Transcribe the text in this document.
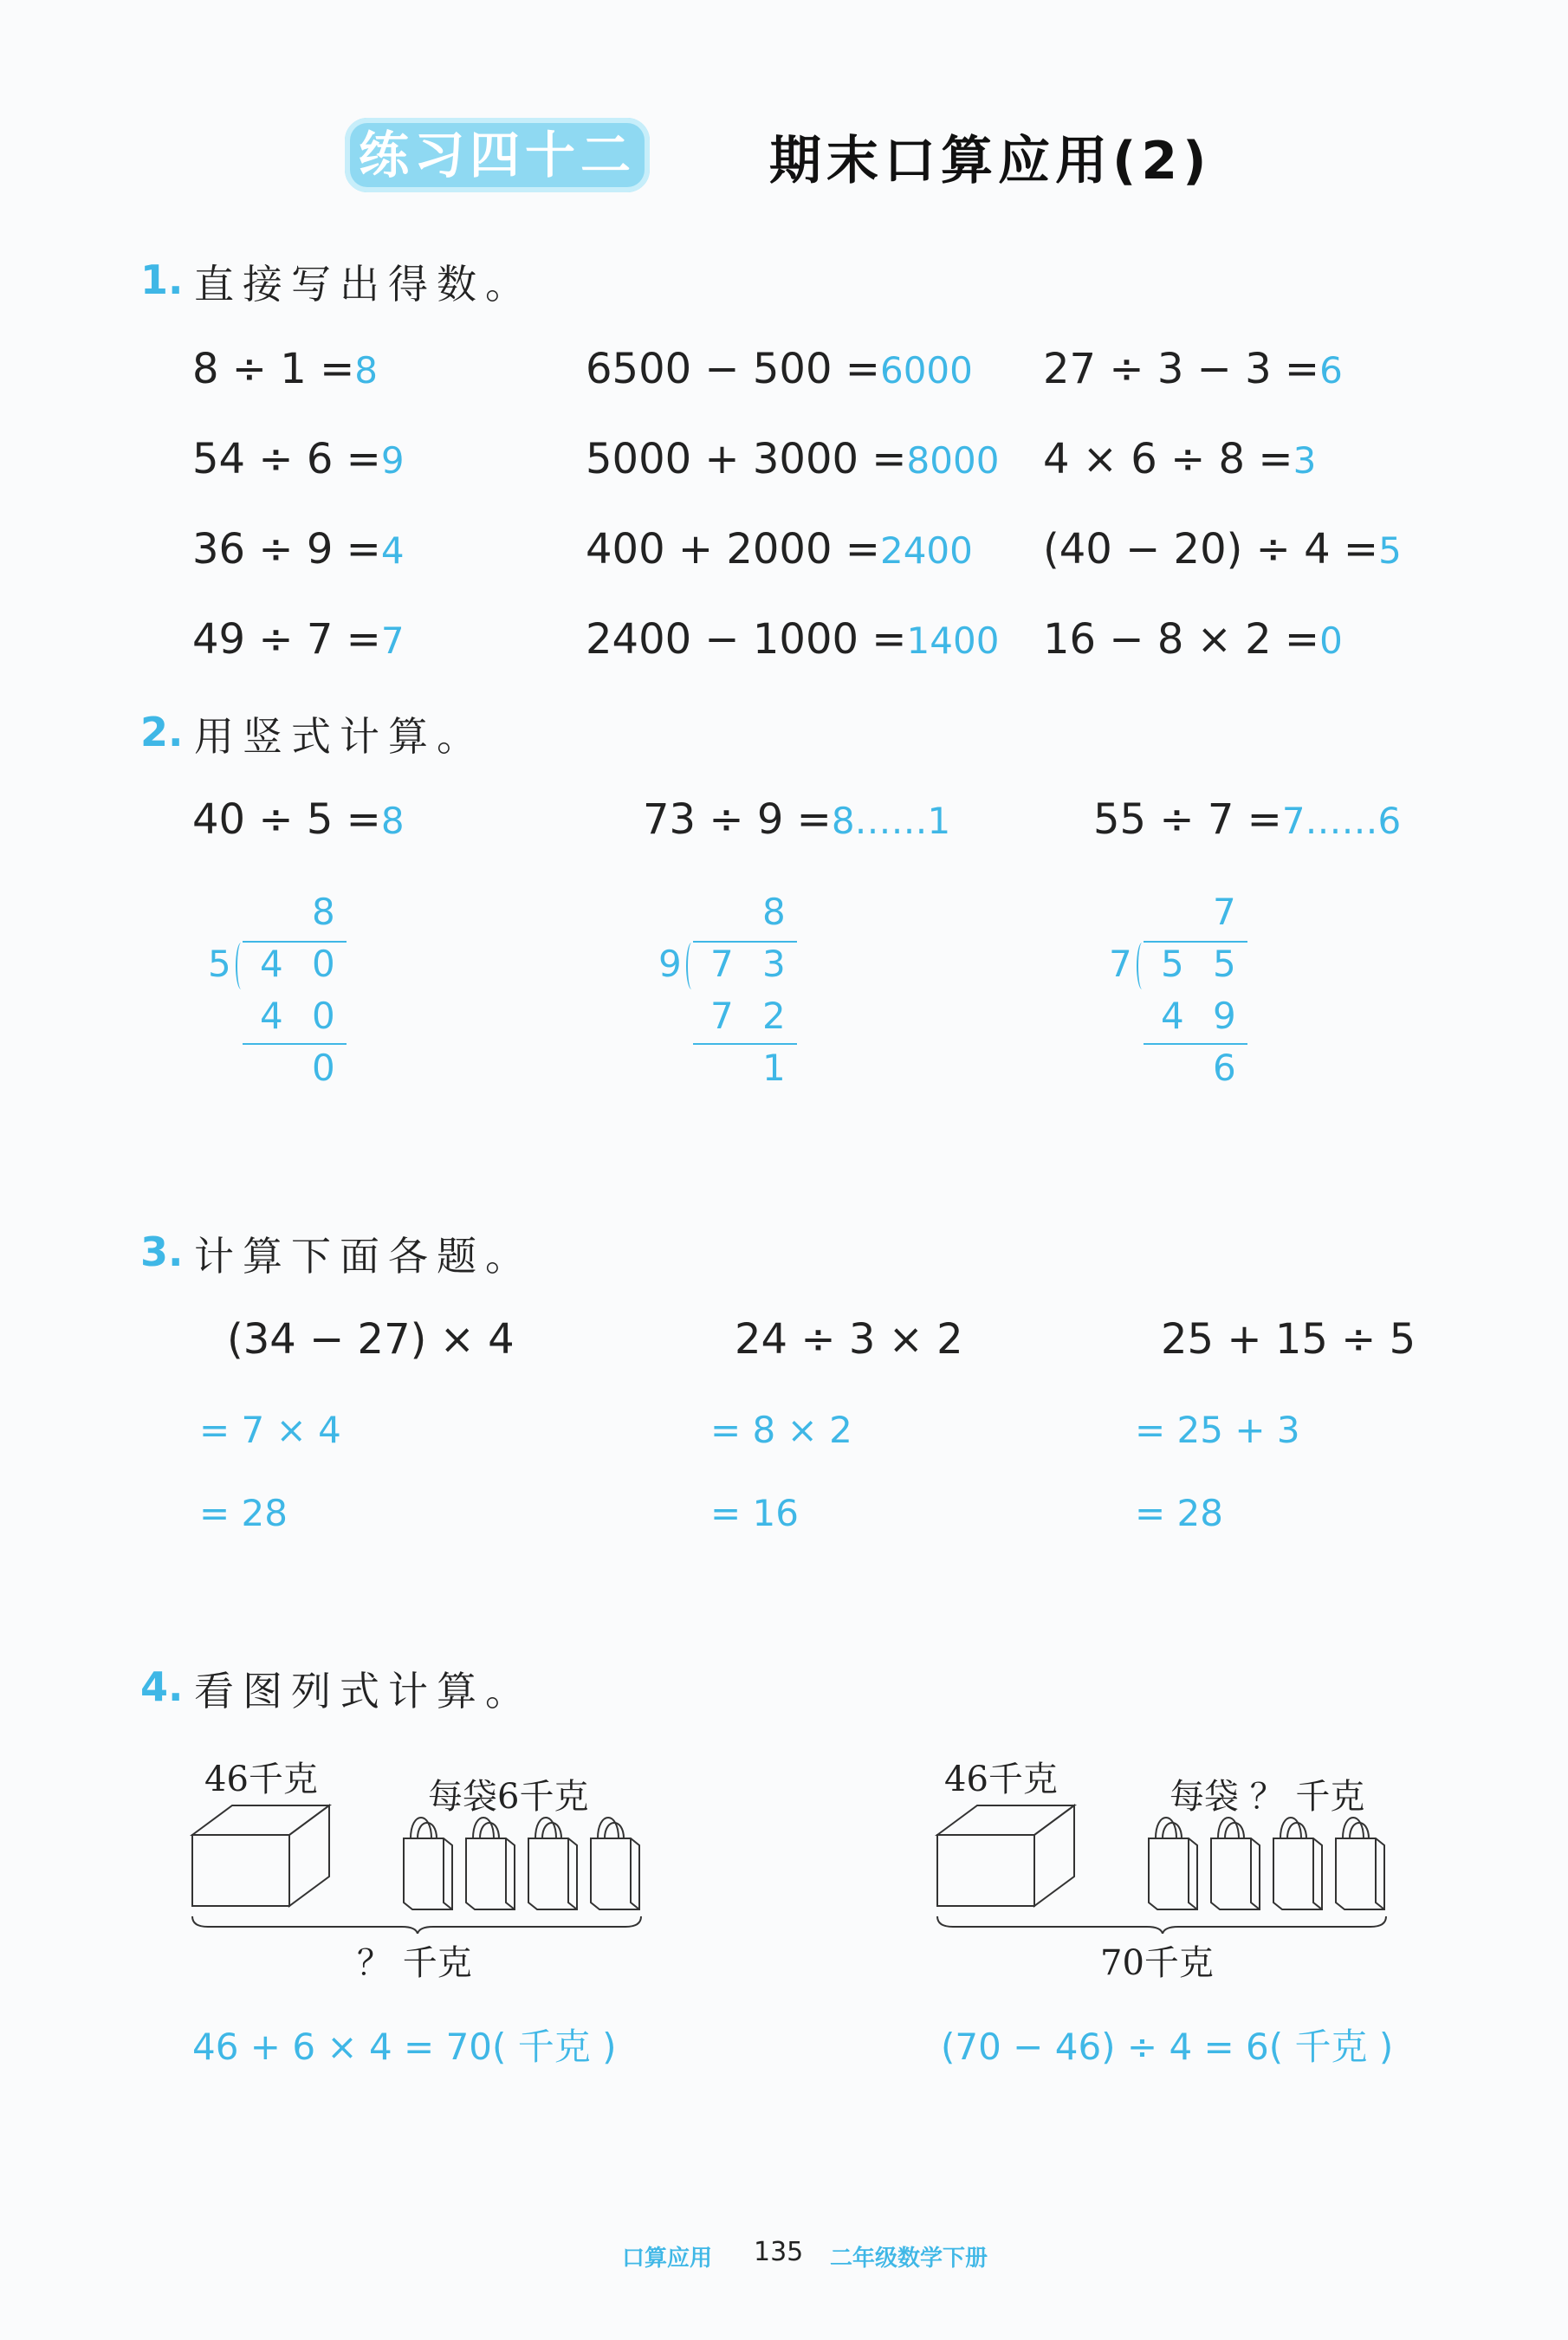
练习四十二	期末口算应用(2)
1. 直接写出得数。
8 ÷ 1 =8	6500 − 500 =6000 27 ÷ 3 − 3 =6
54 ÷ 6 =9	5000 + 3000 =8000 4 × 6 ÷ 8 =3
36 ÷ 9 =4	400 + 2000 =2400 (40 − 20) ÷ 4 =5
49 ÷ 7 =7	2400 − 1000 =1400 16 − 8 × 2 =0
2. 用竖式计算。
40 ÷ 5 =8	73 ÷ 9 =8……1	55 ÷ 7 =7……6
8
5 4 0
4 0
0
8
9 7 3
7 2
1
7
7 5 5
4 9
6
3. 计算下面各题。
(34 − 27) × 4
= 7 × 4
= 28
24 ÷ 3 × 2
= 8 × 2
= 16
25 + 15 ÷ 5
= 25 + 3
= 28
4. 看图列式计算。
46千克	每袋6千克
？ 千克
46 + 6 × 4 = 70( 千克 )
46千克	每袋 ？ 千克
70千克
(70 − 46) ÷ 4 = 6( 千克 )
口算应用 135 二年级数学下册
